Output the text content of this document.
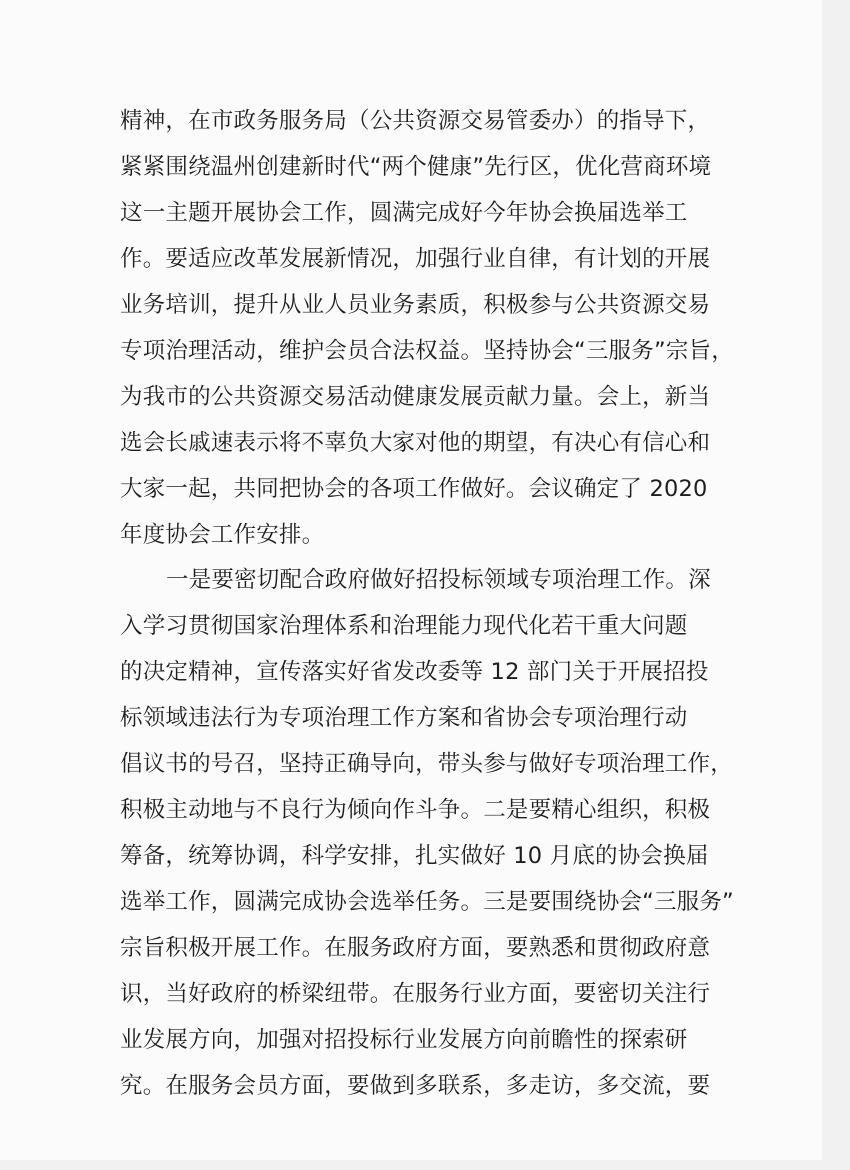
精神，在市政务服务局（公共资源交易管委办）的指导下，
紧紧围绕温州创建新时代“两个健康”先行区，优化营商环境
这一主题开展协会工作，圆满完成好今年协会换届选举工
作。要适应改革发展新情况，加强行业自律，有计划的开展
业务培训，提升从业人员业务素质，积极参与公共资源交易
专项治理活动，维护会员合法权益。坚持协会“三服务”宗旨，
为我市的公共资源交易活动健康发展贡献力量。会上，新当
选会长戚速表示将不辜负大家对他的期望，有决心有信心和
大家一起，共同把协会的各项工作做好。会议确定了 2020
年度协会工作安排。
一是要密切配合政府做好招投标领域专项治理工作。深
入学习贯彻国家治理体系和治理能力现代化若干重大问题
的决定精神，宣传落实好省发改委等 12 部门关于开展招投
标领域违法行为专项治理工作方案和省协会专项治理行动
倡议书的号召，坚持正确导向，带头参与做好专项治理工作，
积极主动地与不良行为倾向作斗争。二是要精心组织，积极
筹备，统筹协调，科学安排，扎实做好 10 月底的协会换届
选举工作，圆满完成协会选举任务。三是要围绕协会“三服务”
宗旨积极开展工作。在服务政府方面，要熟悉和贯彻政府意
识，当好政府的桥梁纽带。在服务行业方面，要密切关注行
业发展方向，加强对招投标行业发展方向前瞻性的探索研
究。在服务会员方面，要做到多联系，多走访，多交流，要
